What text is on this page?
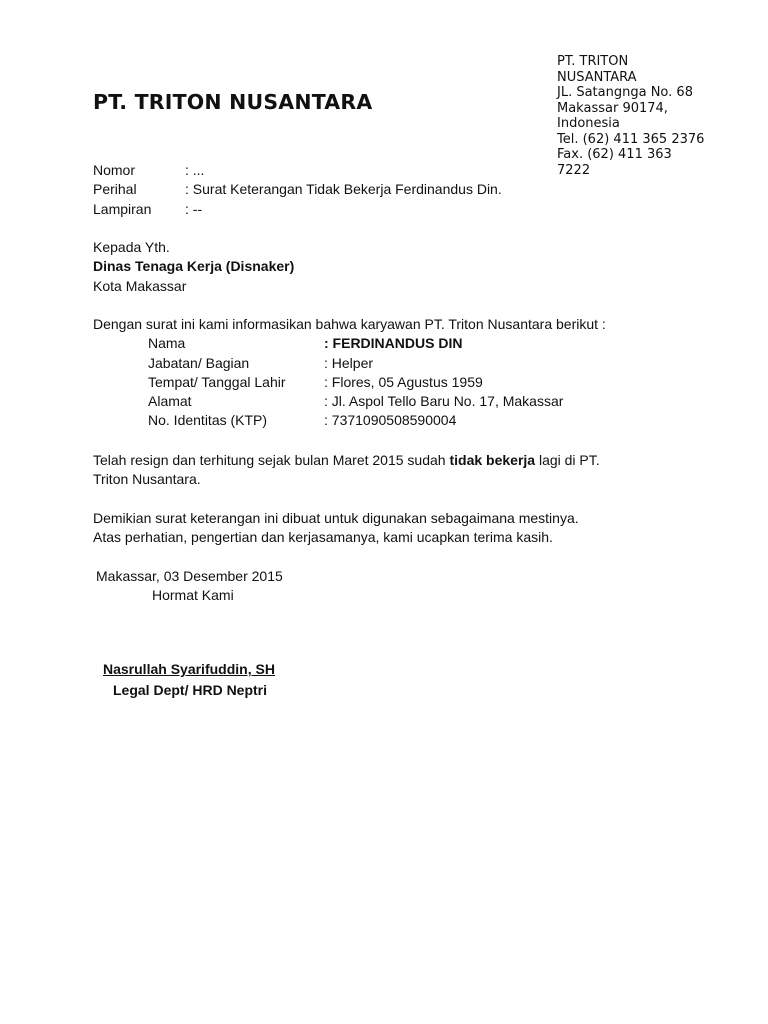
PT. TRITON
NUSANTARA
JL. Satangnga No. 68
Makassar 90174,
Indonesia
Tel. (62) 411 365 2376
Fax. (62) 411 363
7222
PT. TRITON NUSANTARA
Nomor	: ...
Perihal	: Surat Keterangan Tidak Bekerja Ferdinandus Din.
Lampiran : --
Kepada Yth.
Dinas Tenaga Kerja (Disnaker)
Kota Makassar
Dengan surat ini kami informasikan bahwa karyawan PT. Triton Nusantara berikut :
Nama	: FERDINANDUS DIN
Jabatan/ Bagian	: Helper
Tempat/ Tanggal Lahir	: Flores, 05 Agustus 1959
Alamat	: Jl. Aspol Tello Baru No. 17, Makassar
No. Identitas (KTP)	: 7371090508590004
Telah resign dan terhitung sejak bulan Maret 2015 sudah tidak bekerja lagi di PT.
Triton Nusantara.
Demikian surat keterangan ini dibuat untuk digunakan sebagaimana mestinya.
Atas perhatian, pengertian dan kerjasamanya, kami ucapkan terima kasih.
Makassar, 03 Desember 2015
Hormat Kami
Nasrullah Syarifuddin, SH
Legal Dept/ HRD Neptri
